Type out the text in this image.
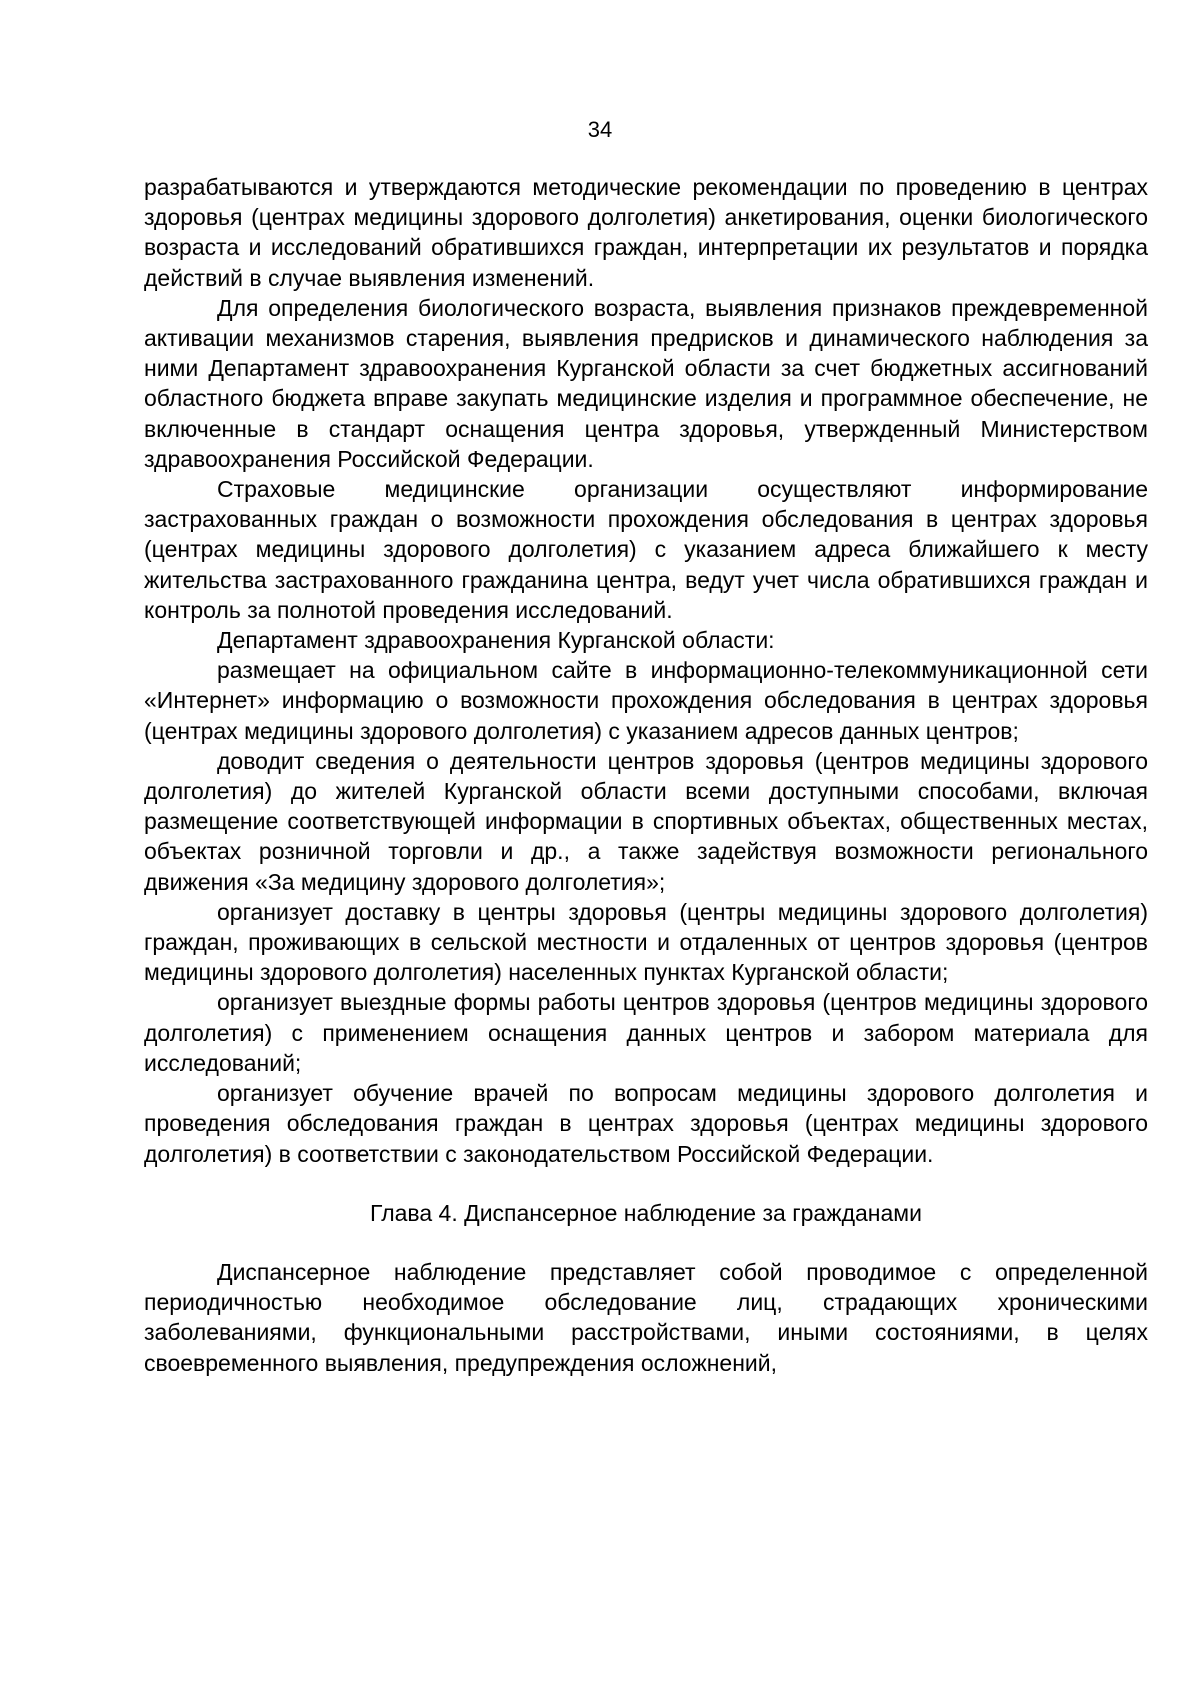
34

разрабатываются и утверждаются методические рекомендации по проведению в центрах здоровья (центрах медицины здорового долголетия) анкетирования, оценки биологического возраста и исследований обратившихся граждан, интерпретации их результатов и порядка действий в случае выявления изменений.

Для определения биологического возраста, выявления признаков преждевременной активации механизмов старения, выявления предрисков и динамического наблюдения за ними Департамент здравоохранения Курганской области за счет бюджетных ассигнований областного бюджета вправе закупать медицинские изделия и программное обеспечение, не включенные в стандарт оснащения центра здоровья, утвержденный Министерством здравоохранения Российской Федерации.

Страховые медицинские организации осуществляют информирование застрахованных граждан о возможности прохождения обследования в центрах здоровья (центрах медицины здорового долголетия) с указанием адреса ближайшего к месту жительства застрахованного гражданина центра, ведут учет числа обратившихся граждан и контроль за полнотой проведения исследований.

Департамент здравоохранения Курганской области:

размещает на официальном сайте в информационно-телекоммуникационной сети «Интернет» информацию о возможности прохождения обследования в центрах здоровья (центрах медицины здорового долголетия) с указанием адресов данных центров;

доводит сведения о деятельности центров здоровья (центров медицины здорового долголетия) до жителей Курганской области всеми доступными способами, включая размещение соответствующей информации в спортивных объектах, общественных местах, объектах розничной торговли и др., а также задействуя возможности регионального движения «За медицину здорового долголетия»;

организует доставку в центры здоровья (центры медицины здорового долголетия) граждан, проживающих в сельской местности и отдаленных от центров здоровья (центров медицины здорового долголетия) населенных пунктах Курганской области;

организует выездные формы работы центров здоровья (центров медицины здорового долголетия) с применением оснащения данных центров и забором материала для исследований;

организует обучение врачей по вопросам медицины здорового долголетия и проведения обследования граждан в центрах здоровья (центрах медицины здорового долголетия) в соответствии с законодательством Российской Федерации.

Глава 4. Диспансерное наблюдение за гражданами

Диспансерное наблюдение представляет собой проводимое с определенной периодичностью необходимое обследование лиц, страдающих хроническими заболеваниями, функциональными расстройствами, иными состояниями, в целях своевременного выявления, предупреждения осложнений,
